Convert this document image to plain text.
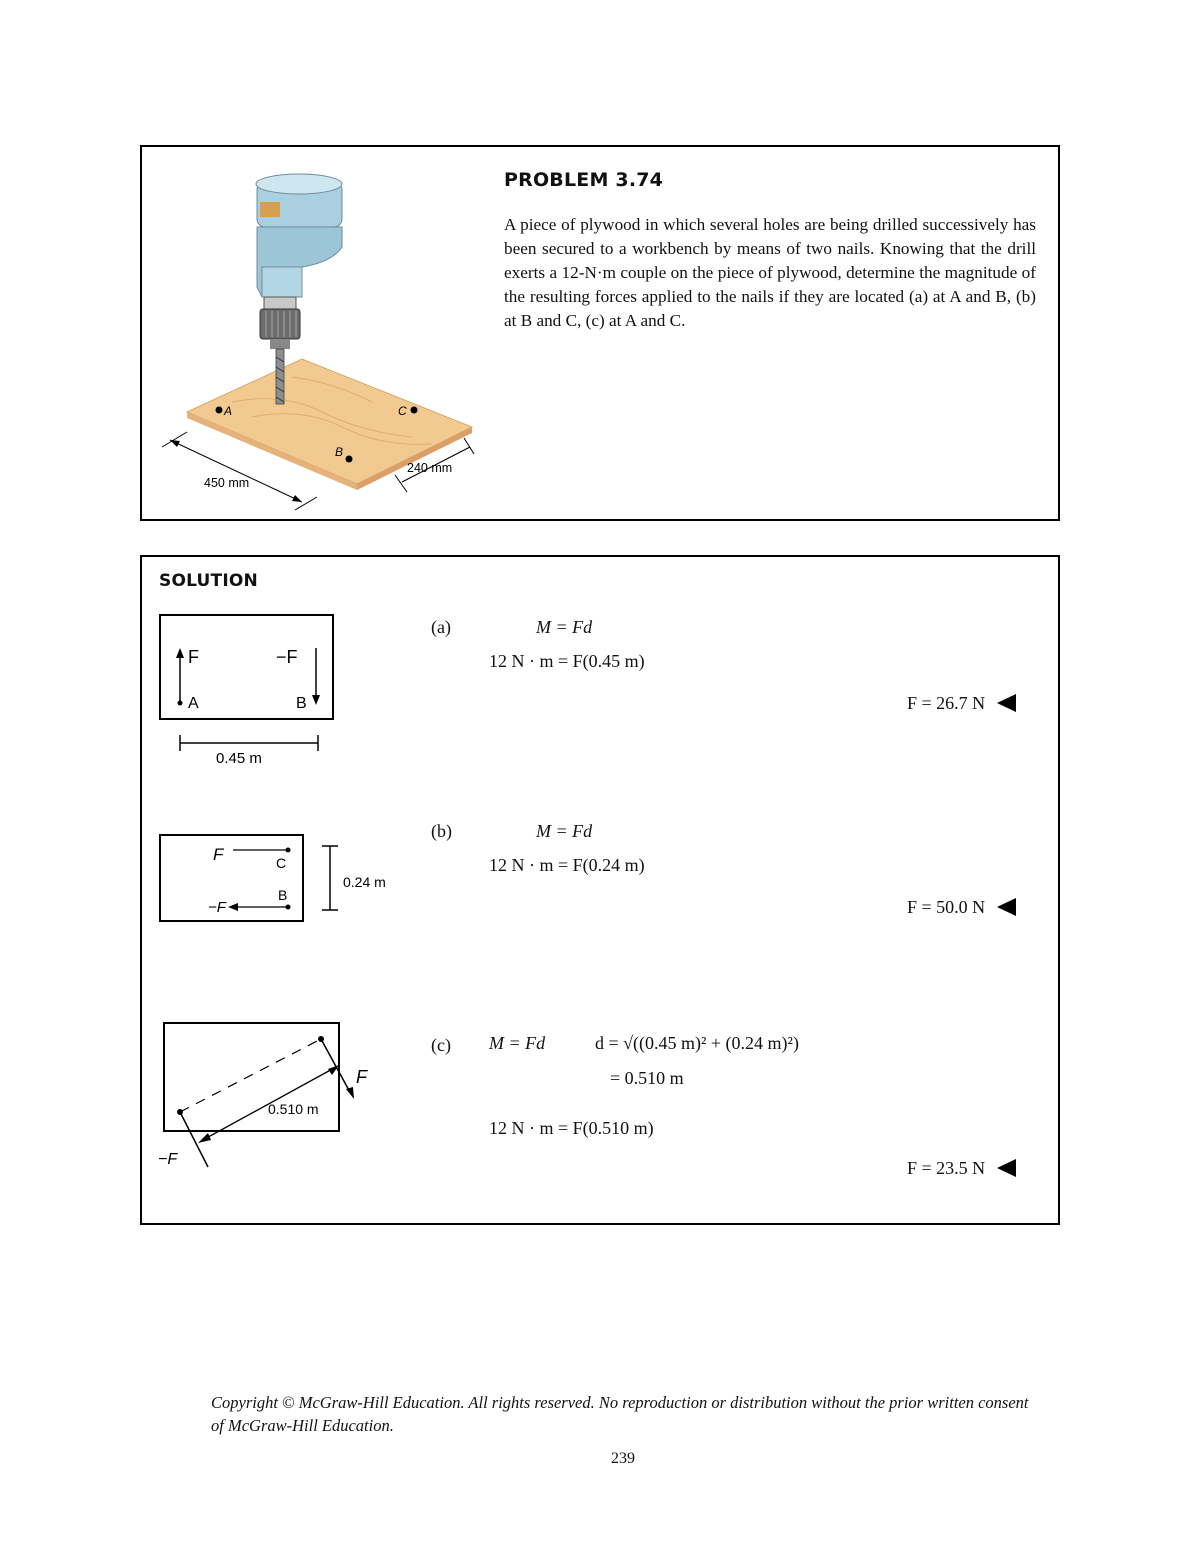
A	C
B
450 mm
240 mm
PROBLEM 3.74
A piece of plywood in which several holes are being drilled successively has been secured to a workbench by means of two nails. Knowing that the drill exerts a 12-N·m couple on the piece of plywood, determine the magnitude of the resulting forces applied to the nails if they are located (a) at A and B, (b) at B and C, (c) at A and C.
SOLUTION
F	−F
A	B
0.45 m
(a)	M = Fd
12 N · m = F(0.45 m)
F = 26.7 N
F
−F
C
B
0.24 m
(b)	M = Fd
12 N · m = F(0.24 m)
F = 50.0 N
F
−F
0.510 m
(c) M = Fd	d = √((0.45 m)² + (0.24 m)²)
= 0.510 m
12 N · m = F(0.510 m)
F = 23.5 N
Copyright © McGraw-Hill Education. All rights reserved. No reproduction or distribution without the prior written consent of McGraw-Hill Education.
239
